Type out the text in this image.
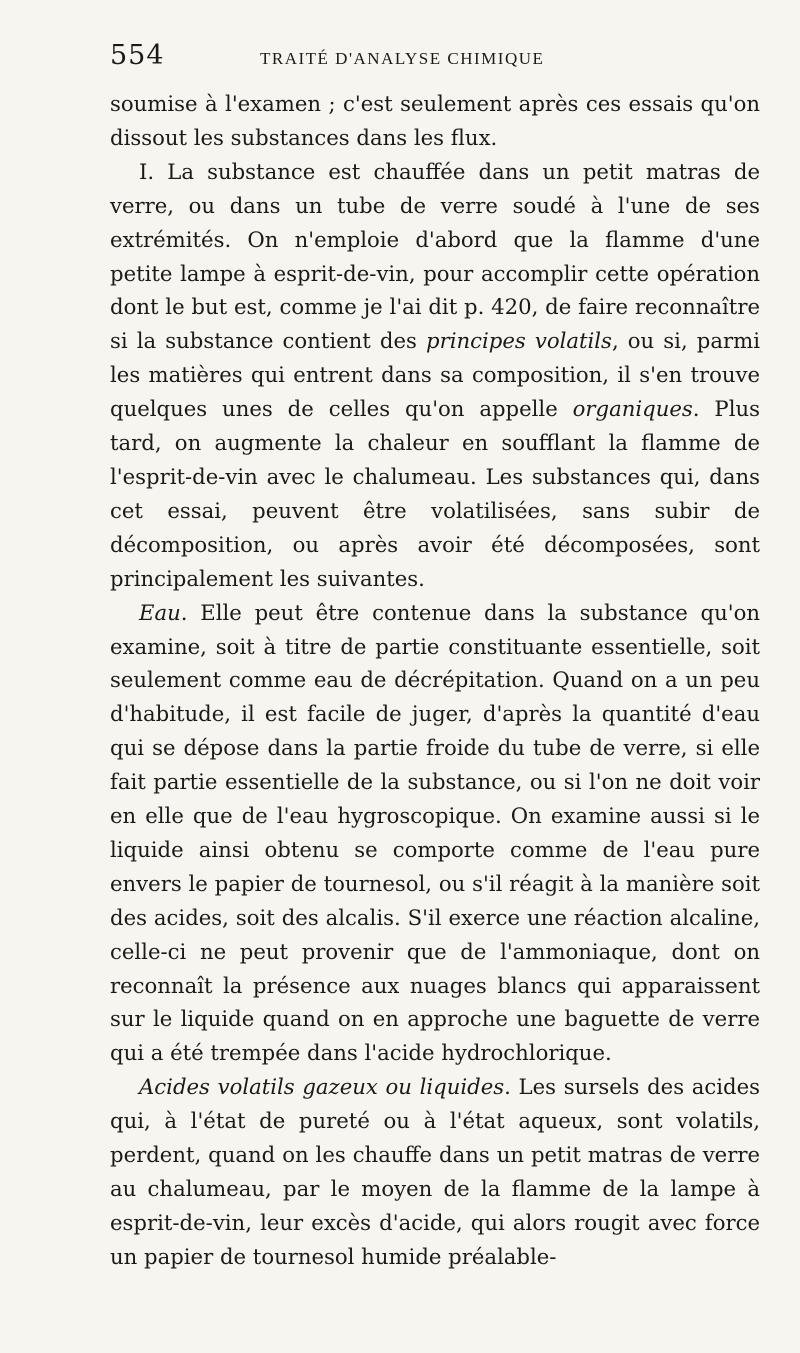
554	TRAITÉ D'ANALYSE CHIMIQUE

soumise à l'examen ; c'est seulement après ces essais qu'on dissout les substances dans les flux.

I. La substance est chauffée dans un petit matras de verre, ou dans un tube de verre soudé à l'une de ses extrémités. On n'emploie d'abord que la flamme d'une petite lampe à esprit-de-vin, pour accomplir cette opération dont le but est, comme je l'ai dit p. 420, de faire reconnaître si la substance contient des principes volatils, ou si, parmi les matières qui entrent dans sa composition, il s'en trouve quelques unes de celles qu'on appelle organiques. Plus tard, on augmente la chaleur en soufflant la flamme de l'esprit-de-vin avec le chalumeau. Les substances qui, dans cet essai, peuvent être volatilisées, sans subir de décomposition, ou après avoir été décomposées, sont principalement les suivantes.

Eau. Elle peut être contenue dans la substance qu'on examine, soit à titre de partie constituante essentielle, soit seulement comme eau de décrépitation. Quand on a un peu d'habitude, il est facile de juger, d'après la quantité d'eau qui se dépose dans la partie froide du tube de verre, si elle fait partie essentielle de la substance, ou si l'on ne doit voir en elle que de l'eau hygroscopique. On examine aussi si le liquide ainsi obtenu se comporte comme de l'eau pure envers le papier de tournesol, ou s'il réagit à la manière soit des acides, soit des alcalis. S'il exerce une réaction alcaline, celle-ci ne peut provenir que de l'ammoniaque, dont on reconnaît la présence aux nuages blancs qui apparaissent sur le liquide quand on en approche une baguette de verre qui a été trempée dans l'acide hydrochlorique.

Acides volatils gazeux ou liquides. Les sursels des acides qui, à l'état de pureté ou à l'état aqueux, sont volatils, perdent, quand on les chauffe dans un petit matras de verre au chalumeau, par le moyen de la flamme de la lampe à esprit-de-vin, leur excès d'acide, qui alors rougit avec force un papier de tournesol humide préalable-
